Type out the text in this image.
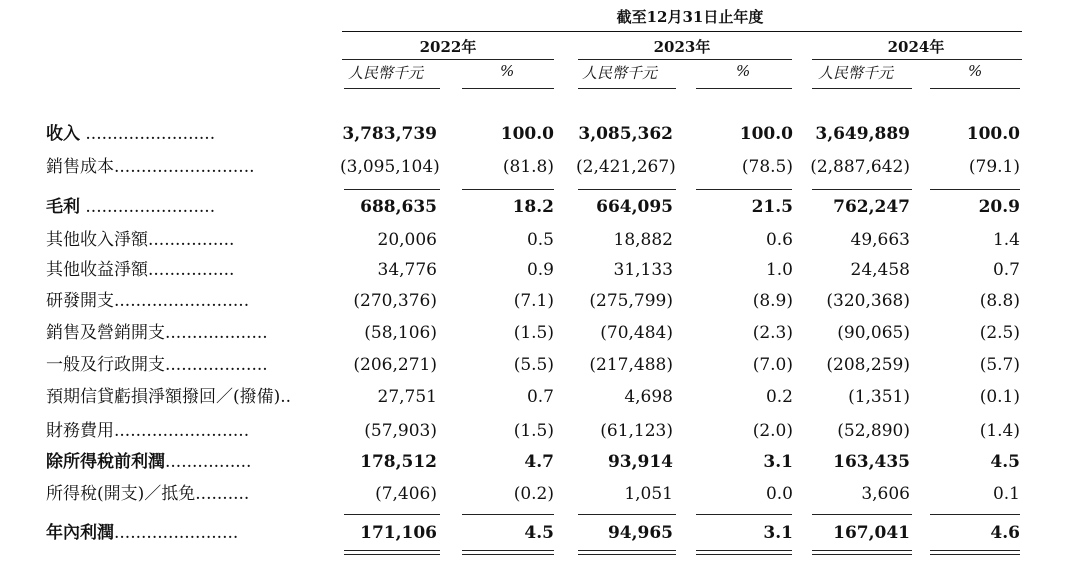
截至12月31日止年度
2022年	2023年	2024年
人民幣千元	%	人民幣千元	%	人民幣千元	%
收入 ........................	3,783,739	100.0 3,085,362	100.0	3,649,889	100.0
銷售成本..........................	(3,095,104)	(81.8) (2,421,267)	(78.5) (2,887,642)	(79.1)
毛利 ........................	688,635	18.2	664,095	21.5	762,247	20.9
其他收入淨額................	20,006	0.5	18,882	0.6	49,663	1.4
其他收益淨額................	34,776	0.9	31,133	1.0	24,458	0.7
研發開支.........................	(270,376)	(7.1)	(275,799)	(8.9)	(320,368)	(8.8)
銷售及營銷開支...................	(58,106)	(1.5)	(70,484)	(2.3)	(90,065)	(2.5)
一般及行政開支...................	(206,271)	(5.5)	(217,488)	(7.0)	(208,259)	(5.7)
預期信貸虧損淨額撥回／(撥備)..	27,751	0.7	4,698	0.2	(1,351)	(0.1)
財務費用.........................	(57,903)	(1.5)	(61,123)	(2.0)	(52,890)	(1.4)
除所得稅前利潤................	178,512	4.7	93,914	3.1	163,435	4.5
所得稅(開支)／抵免..........	(7,406)	(0.2)	1,051	0.0	3,606	0.1
年內利潤.......................	171,106	4.5	94,965	3.1	167,041	4.6
